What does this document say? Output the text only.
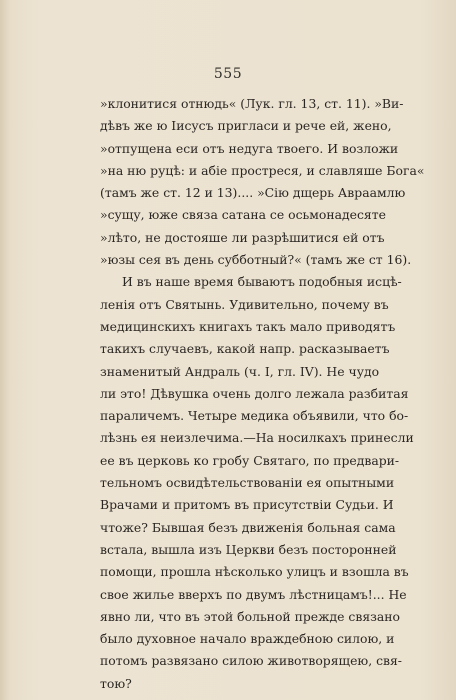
555
»клонитися отнюдь« (Лук. гл. 13, ст. 11). »Ви-
дѣвъ же ю Іисусъ пригласи и рече ей, жено,
»отпущена еси отъ недуга твоего. И возложи
»на ню руцѣ: и абіе простреся, и славляше Бога«
(тамъ же ст. 12 и 13).... »Сію дщерь Авраамлю
»сущу, юже связа сатана се осьмонадесяте
»лѣто, не достояше ли разрѣшитися ей отъ
»юзы сея въ день субботный?« (тамъ же ст 16).
И въ наше время бываютъ подобныя исцѣ-
ленія отъ Святынь. Удивительно, почему въ
медицинскихъ книгахъ такъ мало приводятъ
такихъ случаевъ, какой напр. расказываетъ
знаменитый Андраль (ч. I, гл. IV). Не чудо
ли это! Дѣвушка очень долго лежала разбитая
параличемъ. Четыре медика объявили, что бо-
лѣзнь ея неизлечима.—На носилкахъ принесли
ее въ церковь ко гробу Святаго, по предвари-
тельномъ освидѣтельствованіи ея опытными
Врачами и притомъ въ присутствіи Судьи. И
чтоже? Бывшая безъ движенія больная сама
встала, вышла изъ Церкви безъ посторонней
помощи, прошла нѣсколько улицъ и взошла въ
свое жилье вверхъ по двумъ лѣстницамъ!... Не
явно ли, что въ этой больной прежде связано
было духовное начало враждебною силою, и
потомъ развязано силою животворящею, свя-
тою?
